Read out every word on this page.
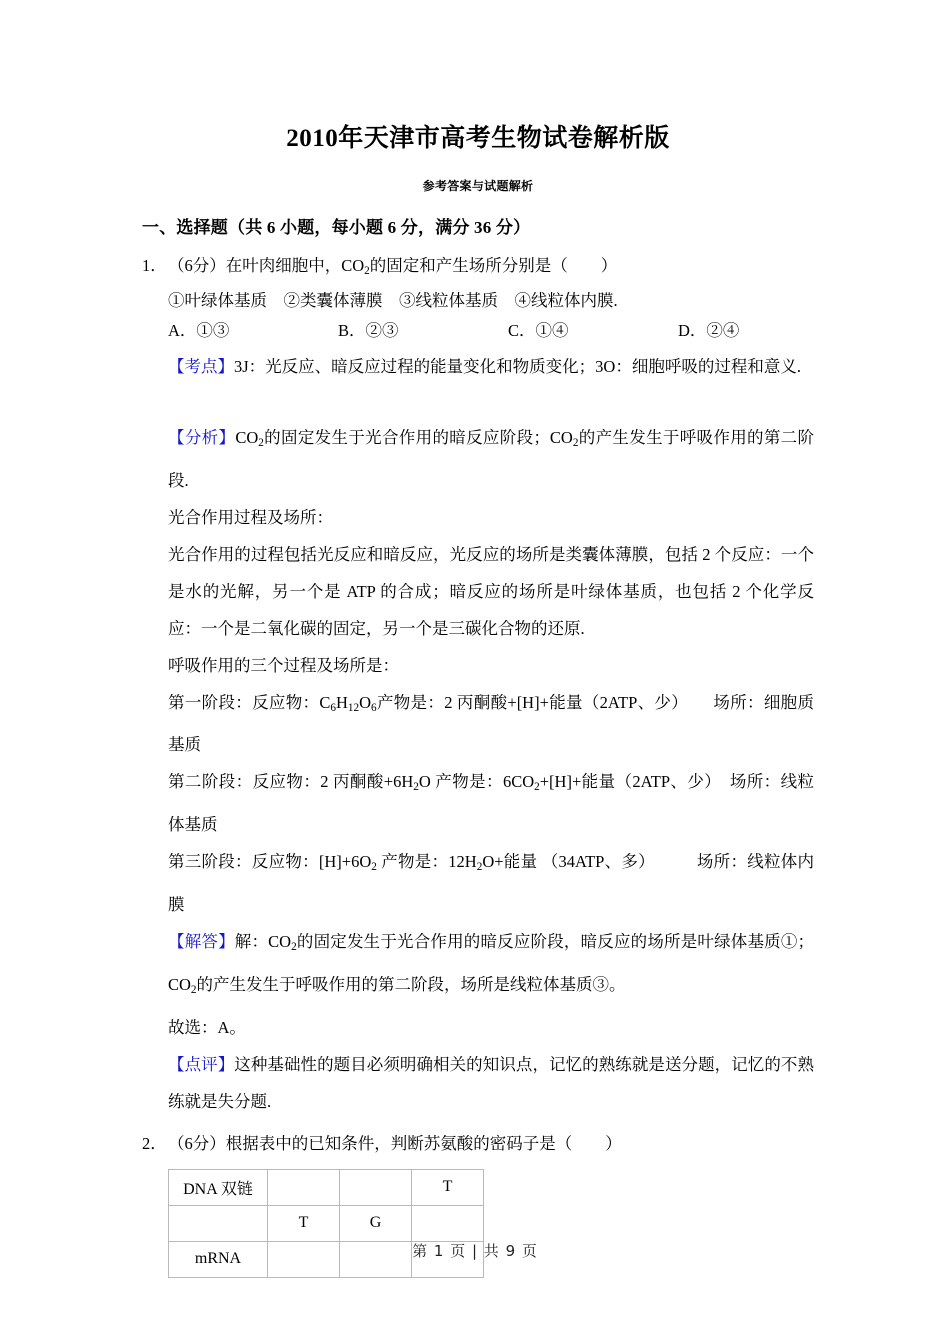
2010年天津市高考生物试卷解析版
参考答案与试题解析
一、选择题（共 6 小题，每小题 6 分，满分 36 分）
1．（6分）在叶肉细胞中，$CO_2$的固定和产生场所分别是（　　）
①叶绿体基质　②类囊体薄膜　③线粒体基质　④线粒体内膜.
A．①③	B．②③	C．①④	D．②④
【考点】3J：光反应、暗反应过程的能量变化和物质变化；3O：细胞呼吸的过程和意义.
【分析】$CO_2$的固定发生于光合作用的暗反应阶段；$CO_2$的产生发生于呼吸作用的第二阶段.
光合作用过程及场所：
光合作用的过程包括光反应和暗反应，光反应的场所是类囊体薄膜，包括 2 个反应：一个是水的光解，另一个是 ATP 的合成；暗反应的场所是叶绿体基质，也包括 2 个化学反应：一个是二氧化碳的固定，另一个是三碳化合物的还原.
呼吸作用的三个过程及场所是：
第一阶段：反应物：$C_6H_{12}O_6$产物是：2 丙酮酸+[H]+能量（2ATP、少）　　场所：细胞质基质
第二阶段：反应物：2 丙酮酸$+6H_2O$ 产物是：$6CO_2+[H]+$能量（2ATP、少）　场所：线粒体基质
第三阶段：反应物：$[H]+6O_2$ 产物是：$12H_2O+$能量 （34ATP、多）　　　场所：线粒体内膜
【解答】解：$CO_2$的固定发生于光合作用的暗反应阶段，暗反应的场所是叶绿体基质①；$CO_2$的产生发生于呼吸作用的第二阶段，场所是线粒体基质③。
故选：A。
【点评】这种基础性的题目必须明确相关的知识点，记忆的熟练就是送分题，记忆的不熟练就是失分题.
2．（6分）根据表中的已知条件，判断苏氨酸的密码子是（　　）
DNA 双链			T
	T	G	
mRNA				第 1 页 | 共 9 页
